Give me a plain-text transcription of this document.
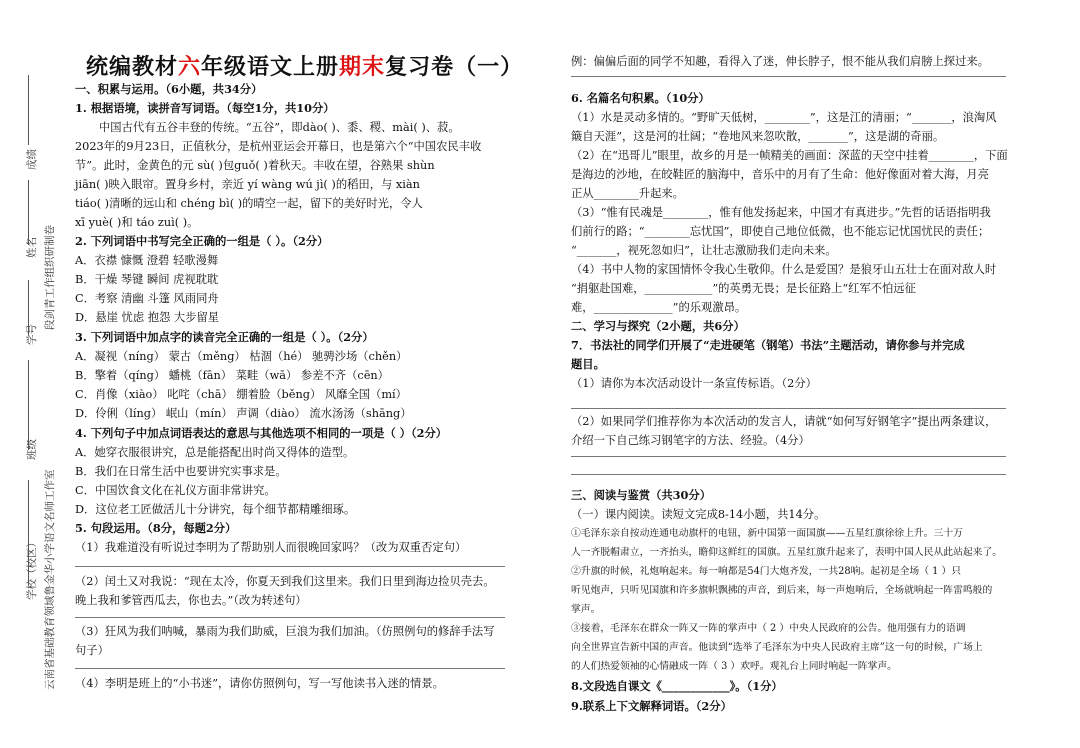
学校（校区）
班级
学号
姓名
成绩
云南省基础教育领域鲁金华小学语文名师工作室
段剑青工作组织研制卷
统编教材六年级语文上册期末复习卷（一）
一、积累与运用。（6小题，共34分）
1. 根据语境，读拼音写词语。（每空1分，共10分）
中国古代有五谷丰登的传统。“五谷”，即dào( )、黍、稷、mài( )、菽。
2023年的9月23日，正值秋分，是杭州亚运会开幕日，也是第六个“中国农民丰收
节”。此时，金黄色的元 sù( )包guǒ( )着秋天。丰收在望，谷熟果 shùn
jiān( )映入眼帘。置身乡村，亲近 yí wàng wú jì( )的稻田，与 xiàn
tiáo( )清晰的远山和 chéng bì( )的晴空一起，留下的美好时光，令人
xī yuè( )和 táo zuì( )。
2. 下列词语中书写完全正确的一组是（ ）。（2分）
A．衣襟 慷慨 澄碧 轻歌漫舞
B．干燥 琴键 瞬间 虎视耽耽
C．考察 清幽 斗篷 风雨同舟
D．悬崖 忧虑 抱怨 大步留星
3. 下列词语中加点字的读音完全正确的一组是（ ）。（2分）
A．凝视（níng） 蒙古（měng） 枯涸（hé） 驰骋沙场（chěn）
B．擎着（qíng） 蟠桃（fān） 菜畦（wā） 参差不齐（cēn）
C．肖像（xiào） 叱咤（chā） 绷着脸（běng） 风靡全国（mí）
D．伶俐（líng） 岷山（mín） 声调（diào） 流水汤汤（shāng）
4. 下列句子中加点词语表达的意思与其他选项不相同的一项是（ ）（2分）
A．她穿衣服很讲究，总是能搭配出时尚又得体的造型。
B．我们在日常生活中也要讲究实事求是。
C．中国饮食文化在礼仪方面非常讲究。
D．这位老工匠做活儿十分讲究，每个细节都精雕细琢。
5. 句段运用。（8分，每题2分）
（1）我难道没有听说过李明为了帮助别人而很晚回家吗？（改为双重否定句）
（2）闰土又对我说：“现在太冷，你夏天到我们这里来。我们日里到海边捡贝壳去。
晚上我和爹管西瓜去，你也去。”（改为转述句）
（3）狂风为我们呐喊，暴雨为我们助威，巨浪为我们加油。（仿照例句的修辞手法写
句子）
（4）李明是班上的“小书迷”，请你仿照例句，写一写他读书入迷的情景。
例：偏偏后面的同学不知趣，看得入了迷，伸长脖子，恨不能从我们肩膀上探过来。
6. 名篇名句积累。（10分）
（1）水是灵动多情的。“野旷天低树，________”，这是江的清丽；“_______，浪淘风
簸自天涯”，这是河的壮阔；“卷地风来忽吹散，_______”，这是湖的奇丽。
（2）在“迅哥儿”眼里，故乡的月是一帧精美的画面：深蓝的天空中挂着________，下面
是海边的沙地，在皎鞋匠的脑海中，音乐中的月有了生命：他好像面对着大海，月亮
正从________升起来。
（3）“惟有民魂是________，惟有他发扬起来，中国才有真进步。”先哲的话语指明我
们前行的路；“________忘忧国”，即使自己地位低微，也不能忘记忧国忧民的责任；
“_______，视死忽如归”，让壮志激励我们走向未来。
（4）书中人物的家国情怀令我心生敬仰。什么是爱国？是狼牙山五壮士在面对敌人时
“捐躯赴国难，____________”的英勇无畏；是长征路上“红军不怕远征
难，______________”的乐观激昂。
二、学习与探究（2小题，共6分）
7．书法社的同学们开展了“走进硬笔（钢笔）书法”主题活动，请你参与并完成
题目。
（1）请你为本次活动设计一条宣传标语。（2分）
（2）如果同学们推荐你为本次活动的发言人，请就“如何写好钢笔字”提出两条建议，
介绍一下自己练习钢笔字的方法、经验。（4分）
三、阅读与鉴赏（共30分）
（一）课内阅读。读短文完成8-14小题，共14分。
①毛泽东亲自按动连通电动旗杆的电钮，新中国第一面国旗——五星红旗徐徐上升。三十万
人一齐脱帽肃立，一齐抬头，瞻仰这鲜红的国旗。五星红旗升起来了，表明中国人民从此站起来了。
②升旗的时候，礼炮响起来。每一响都是54门大炮齐发，一共28响。起初是全场（ 1 ）只
听见炮声，只听见国旗和许多旗帜飘拂的声音，到后来，每一声炮响后，全场就响起一阵雷鸣般的
掌声。
③接着，毛泽东在群众一阵又一阵的掌声中（ 2 ）中央人民政府的公告。他用强有力的语调
向全世界宣告新中国的声音。他读到“选举了毛泽东为中央人民政府主席”这一句的时候，广场上
的人们热爱领袖的心情融成一阵（ 3 ）欢呼。观礼台上同时响起一阵掌声。
8.文段选自课文《____________》。（1分）
9.联系上下文解释词语。（2分）
